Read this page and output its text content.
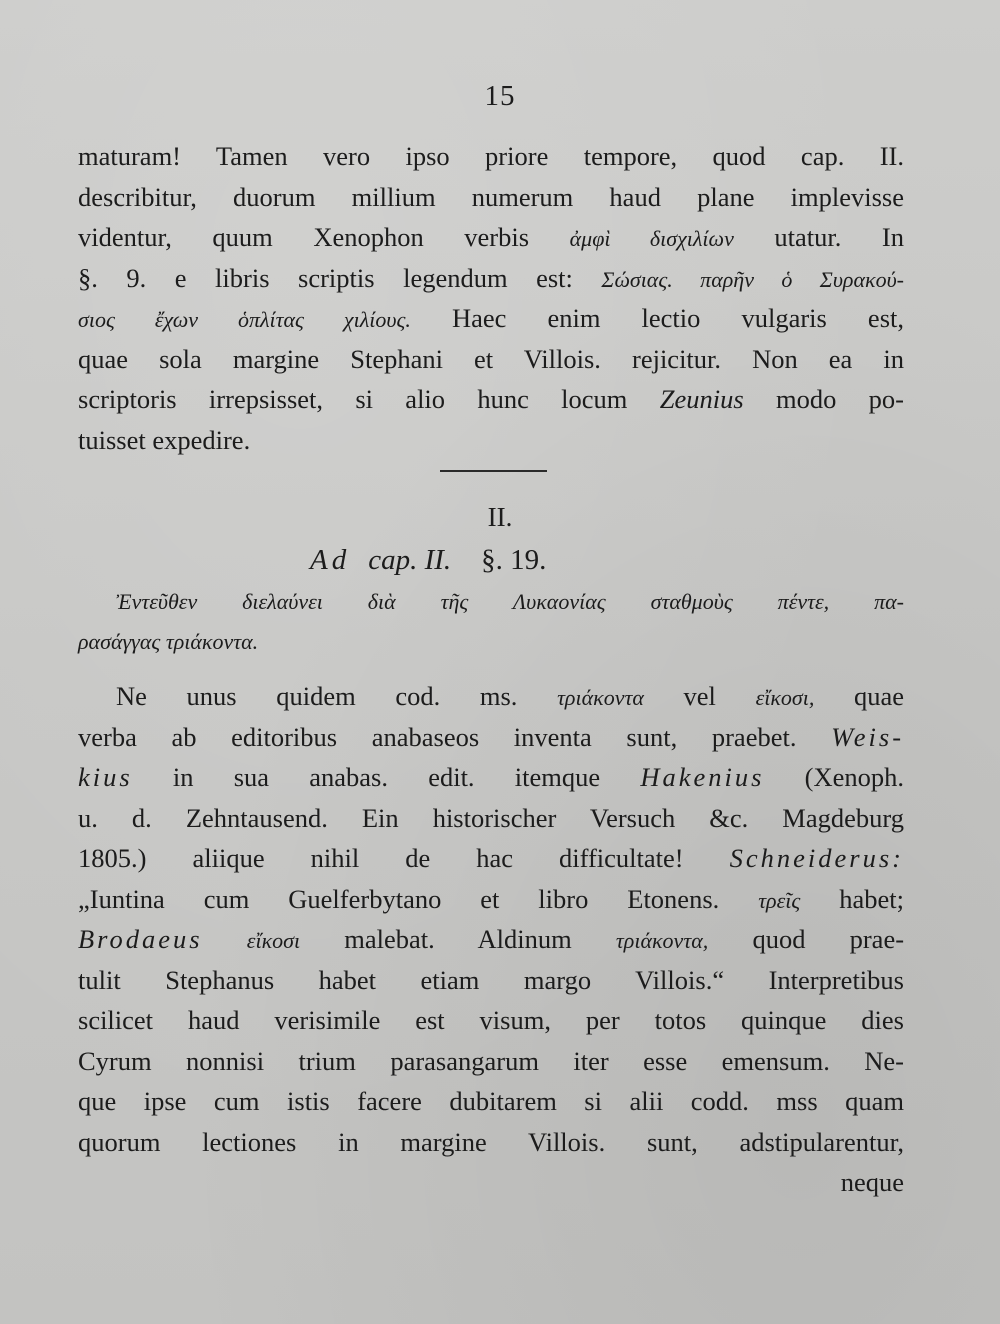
15
maturam! Tamen vero ipso priore tempore, quod cap. II.
describitur, duorum millium numerum haud plane implevisse
videntur, quum Xenophon verbis ἀμφὶ δισχιλίων utatur. In
§. 9. e libris scriptis legendum est: Σώσιας. παρῆν ὁ Συρακού-
σιος ἔχων ὁπλίτας χιλίους. Haec enim lectio vulgaris est,
quae sola margine Stephani et Villois. rejicitur. Non ea in
scriptoris irrepsisset, si alio hunc locum Zeunius modo po-
tuisset expedire.
II.
Ad cap. II. §. 19.
Ἐντεῦθεν διελαύνει διὰ τῆς Λυκαονίας σταθμοὺς πέντε, πα-
ρασάγγας τριάκοντα.
Ne unus quidem cod. ms. τριάκοντα vel εἴκοσι, quae
verba ab editoribus anabaseos inventa sunt, praebet. Weis-
kius in sua anabas. edit. itemque Hakenius (Xenoph.
u. d. Zehntausend. Ein historischer Versuch &c. Magdeburg
1805.) aliique nihil de hac difficultate! Schneiderus:
„Iuntina cum Guelferbytano et libro Etonens. τρεῖς habet;
Brodaeus εἴκοσι malebat. Aldinum τριάκοντα, quod prae-
tulit Stephanus habet etiam margo Villois.“ Interpretibus
scilicet haud verisimile est visum, per totos quinque dies
Cyrum nonnisi trium parasangarum iter esse emensum. Ne-
que ipse cum istis facere dubitarem si alii codd. mss quam
quorum lectiones in margine Villois. sunt, adstipularentur,
neque
